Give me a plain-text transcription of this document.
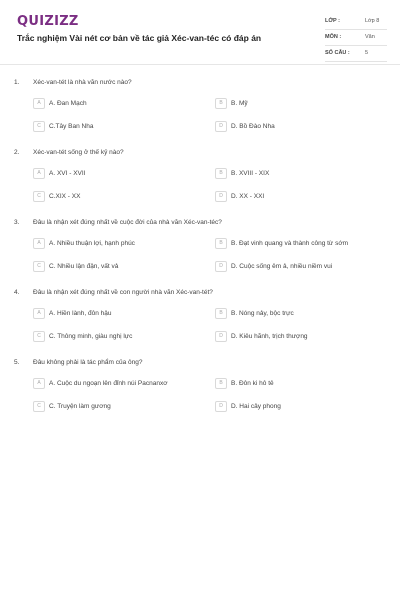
QUIZIZZ
Trắc nghiệm Vài nét cơ bản về tác giả Xéc-van-téc có đáp án
LỚP :	Lớp 8
MÔN :	Văn
SỐ CÂU :	5
1. Xéc-van-tét là nhà văn nước nào?
A	A. Đan Mạch	B	B. Mỹ
C	C.Tây Ban Nha	D	D. Bồ Đào Nha
2. Xéc-van-tét sống ở thế kỷ nào?
A	A. XVI - XVII	B	B. XVIII - XIX
C	C.XIX - XX	D	D. XX - XXI
3. Đâu là nhận xét đúng nhất về cuộc đời của nhà văn Xéc-van-téc?
A	A. Nhiều thuận lợi, hạnh phúc	B	B. Đạt vinh quang và thành công từ sớm
C	C. Nhiều lận đận, vất vả	D	D. Cuộc sống êm ả, nhiều niềm vui
4. Đâu là nhận xét đúng nhất về con người nhà văn Xéc-van-tét?
A	A. Hiền lành, đôn hậu	B	B. Nóng nảy, bộc trực
C	C. Thông minh, giàu nghị lực	D	D. Kiêu hãnh, trịch thượng
5. Đâu không phải là tác phẩm của ông?
A	A. Cuộc du ngoạn lên đỉnh núi Pacnanxơ	B	B. Đôn ki hô tê
C	C. Truyện làm gương	D	D. Hai cây phong
